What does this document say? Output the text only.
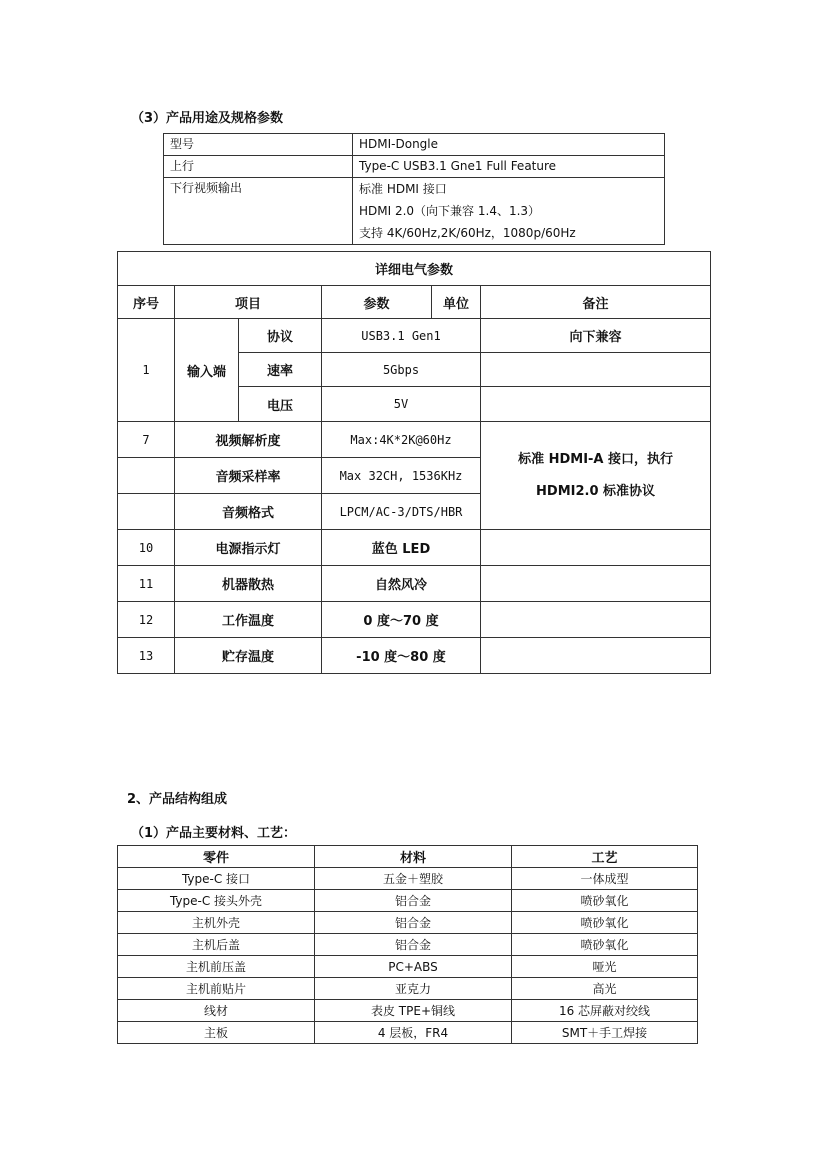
（3）产品用途及规格参数
型号	HDMI-Dongle
上行	Type-C USB3.1 Gne1 Full Feature
下行视频输出	标准 HDMI 接口
HDMI 2.0（向下兼容 1.4、1.3）
支持 4K/60Hz,2K/60Hz，1080p/60Hz
详细电气参数					
序号	项目		参数	单位	备注
1	输入端	协议	USB3.1 Gen1		向下兼容
		速率	5Gbps		
		电压	5V		
7	视频解析度		Max:4K*2K@60Hz		标准 HDMI-A 接口，执行
HDMI2.0 标准协议

	音频采样率		Max 32CH, 1536KHz		
	音频格式		LPCM/AC-3/DTS/HBR		
10	电源指示灯		蓝色 LED		
11	机器散热		自然风冷		
12	工作温度		0 度～70 度		
13	贮存温度		-10 度～80 度		
2、产品结构组成
（1）产品主要材料、工艺：
零件	材料	工艺
Type-C 接口	五金＋塑胶	一体成型
Type-C 接头外壳	铝合金	喷砂氧化
主机外壳	铝合金	喷砂氧化
主机后盖	铝合金	喷砂氧化
主机前压盖	PC+ABS	哑光
主机前贴片	亚克力	高光
线材	表皮 TPE+铜线	16 芯屏蔽对绞线
主板	4 层板，FR4	SMT＋手工焊接
